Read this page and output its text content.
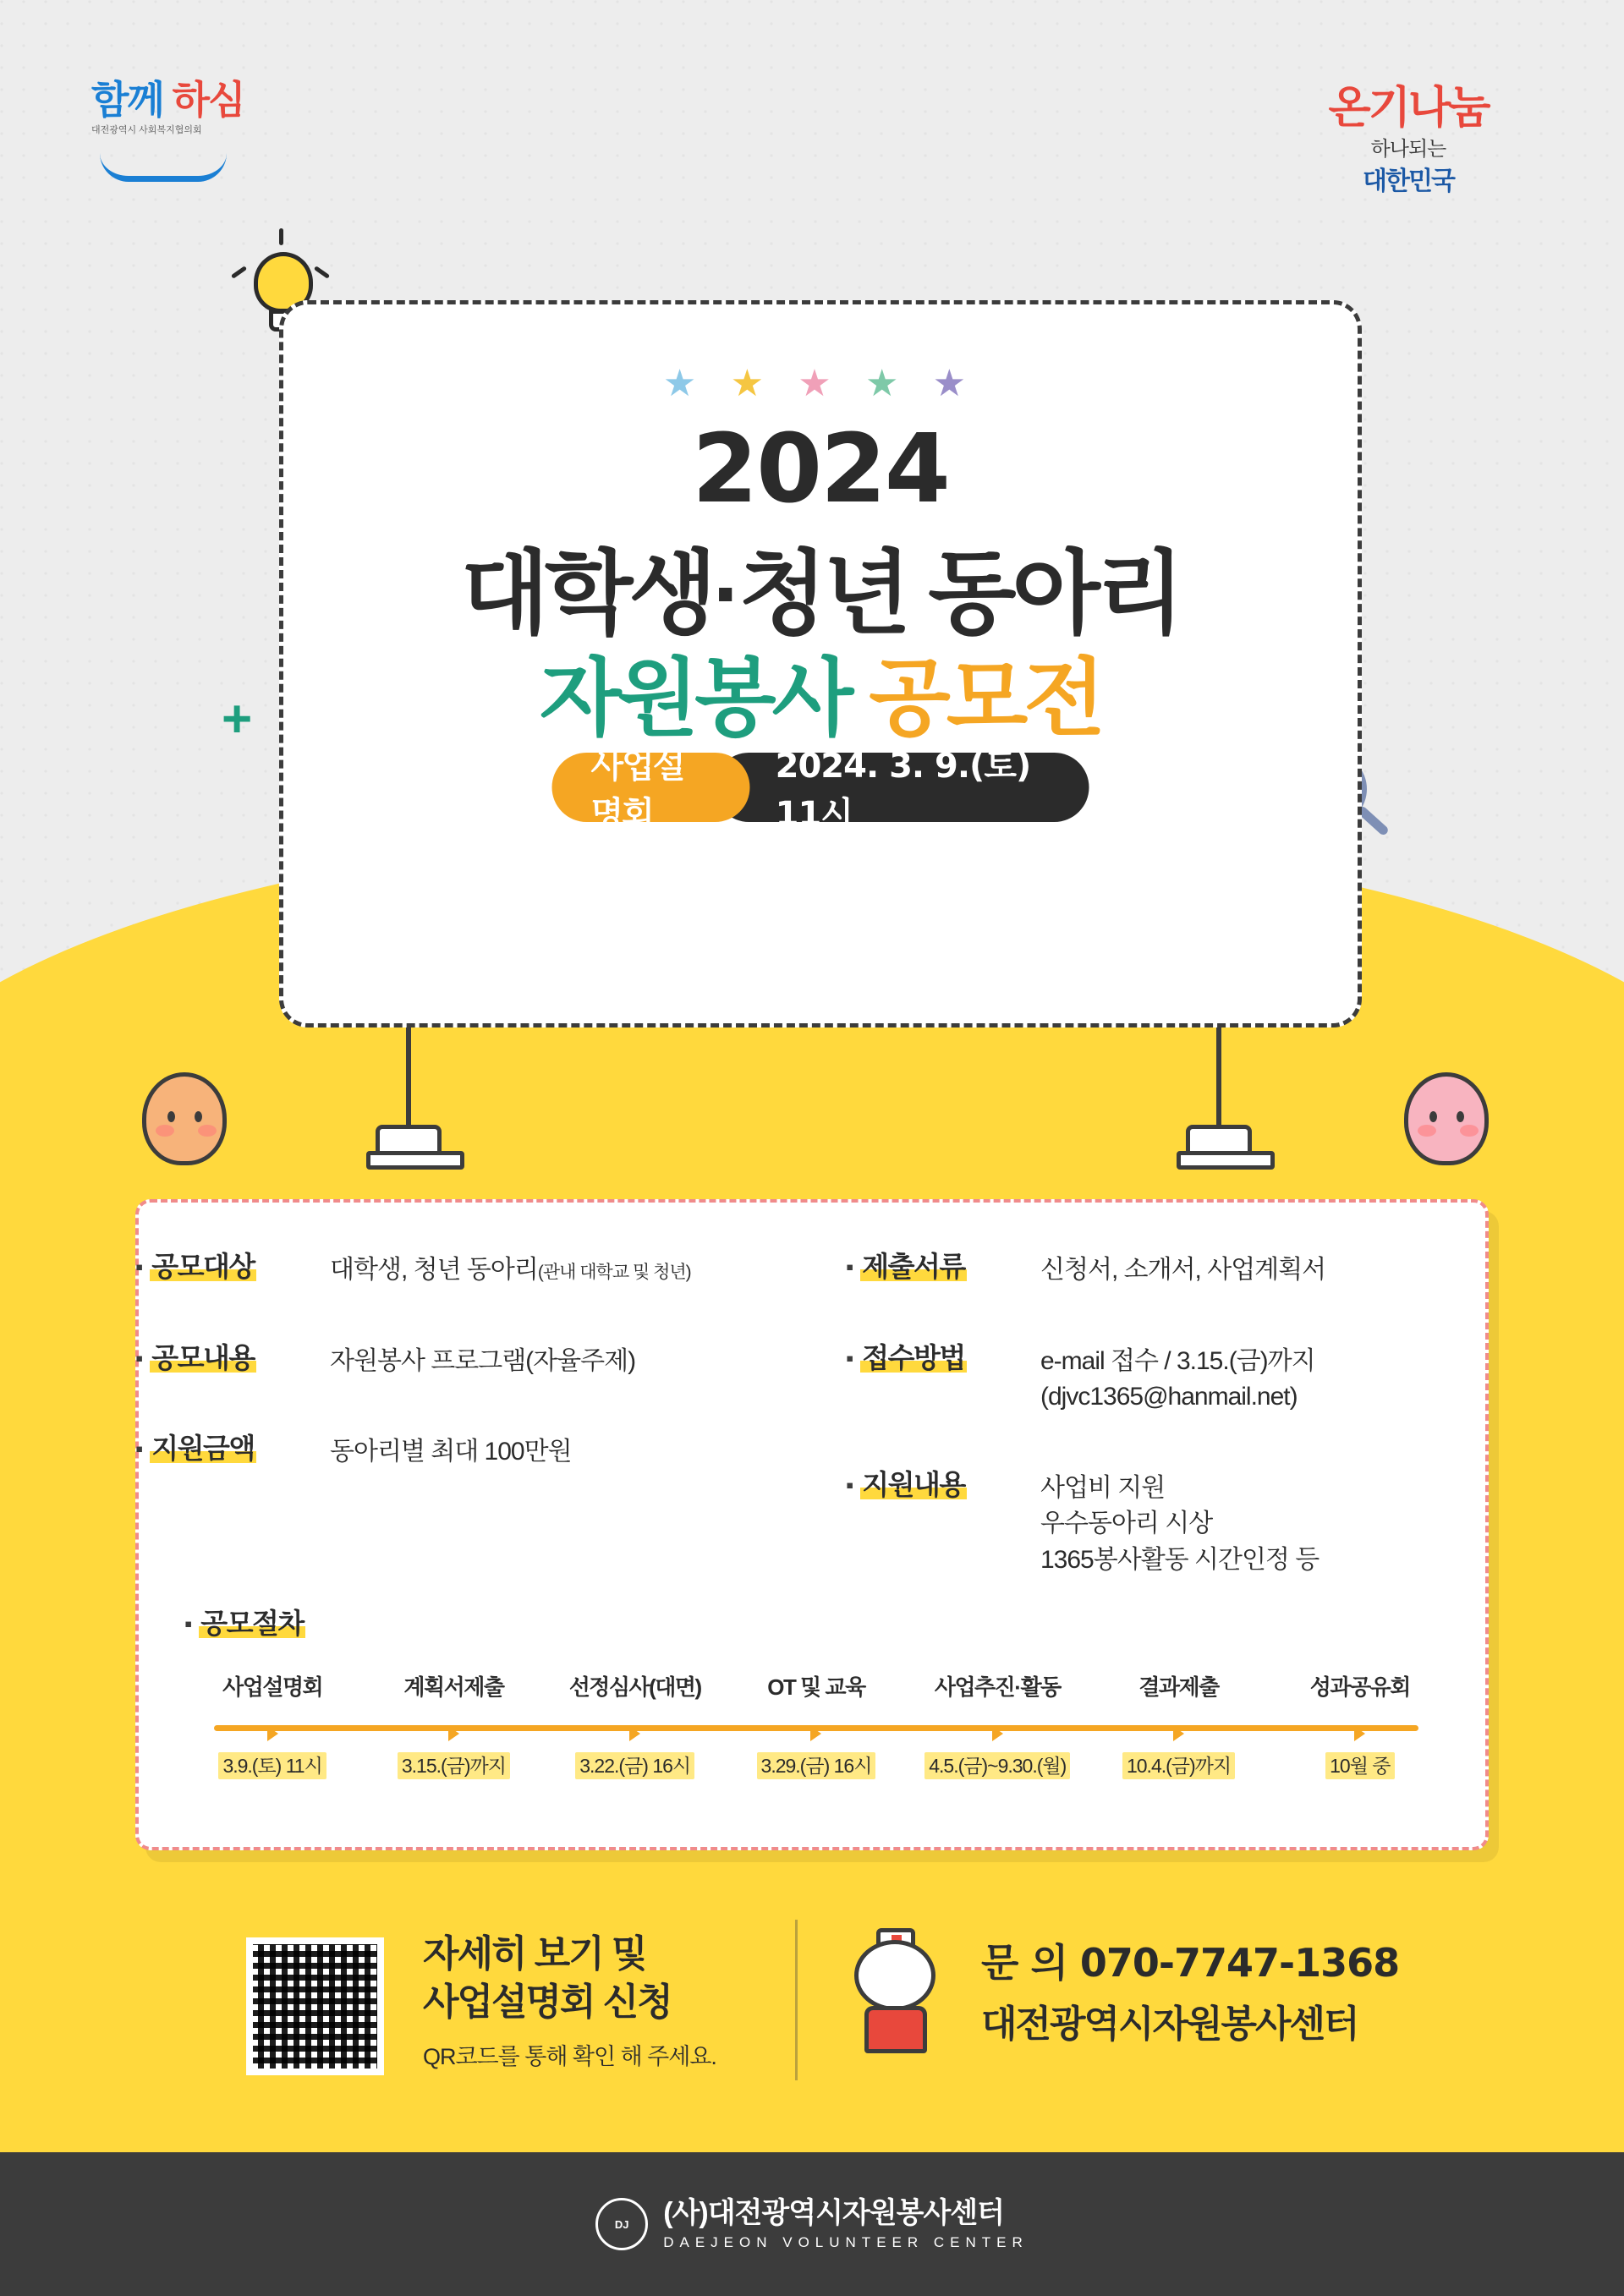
함께 하심
대전광역시 사회복지협의회	온기나눔
하나되는
대한민국
+
★ ★ ★ ★ ★
2024
대학생·청년 동아리
자원봉사 공모전
사업설명회
2024. 3. 9.(토) 11시
▪ 공모대상	대학생, 청년 동아리(관내 대학교 및 청년)
▪ 공모내용	자원봉사 프로그램(자율주제)
▪ 지원금액	동아리별 최대 100만원
▪ 제출서류	신청서, 소개서, 사업계획서
▪ 접수방법	e-mail 접수 / 3.15.(금)까지
(djvc1365@hanmail.net)
▪ 지원내용	사업비 지원
우수동아리 시상
1365봉사활동 시간인정 등
▪ 공모절차
사업설명회	계획서제출	선정심사(대면)	OT 및 교육	사업추진·활동	결과제출	성과공유회
3.9.(토) 11시	3.15.(금)까지	3.22.(금) 16시	3.29.(금) 16시	4.5.(금)~9.30.(월)	10.4.(금)까지	10월 중
자세히 보기 및
사업설명회 신청
QR코드를 통해 확인 해 주세요.
문 의 070-7747-1368
대전광역시자원봉사센터
DJ	(사)대전광역시자원봉사센터
DAEJEON VOLUNTEER CENTER
